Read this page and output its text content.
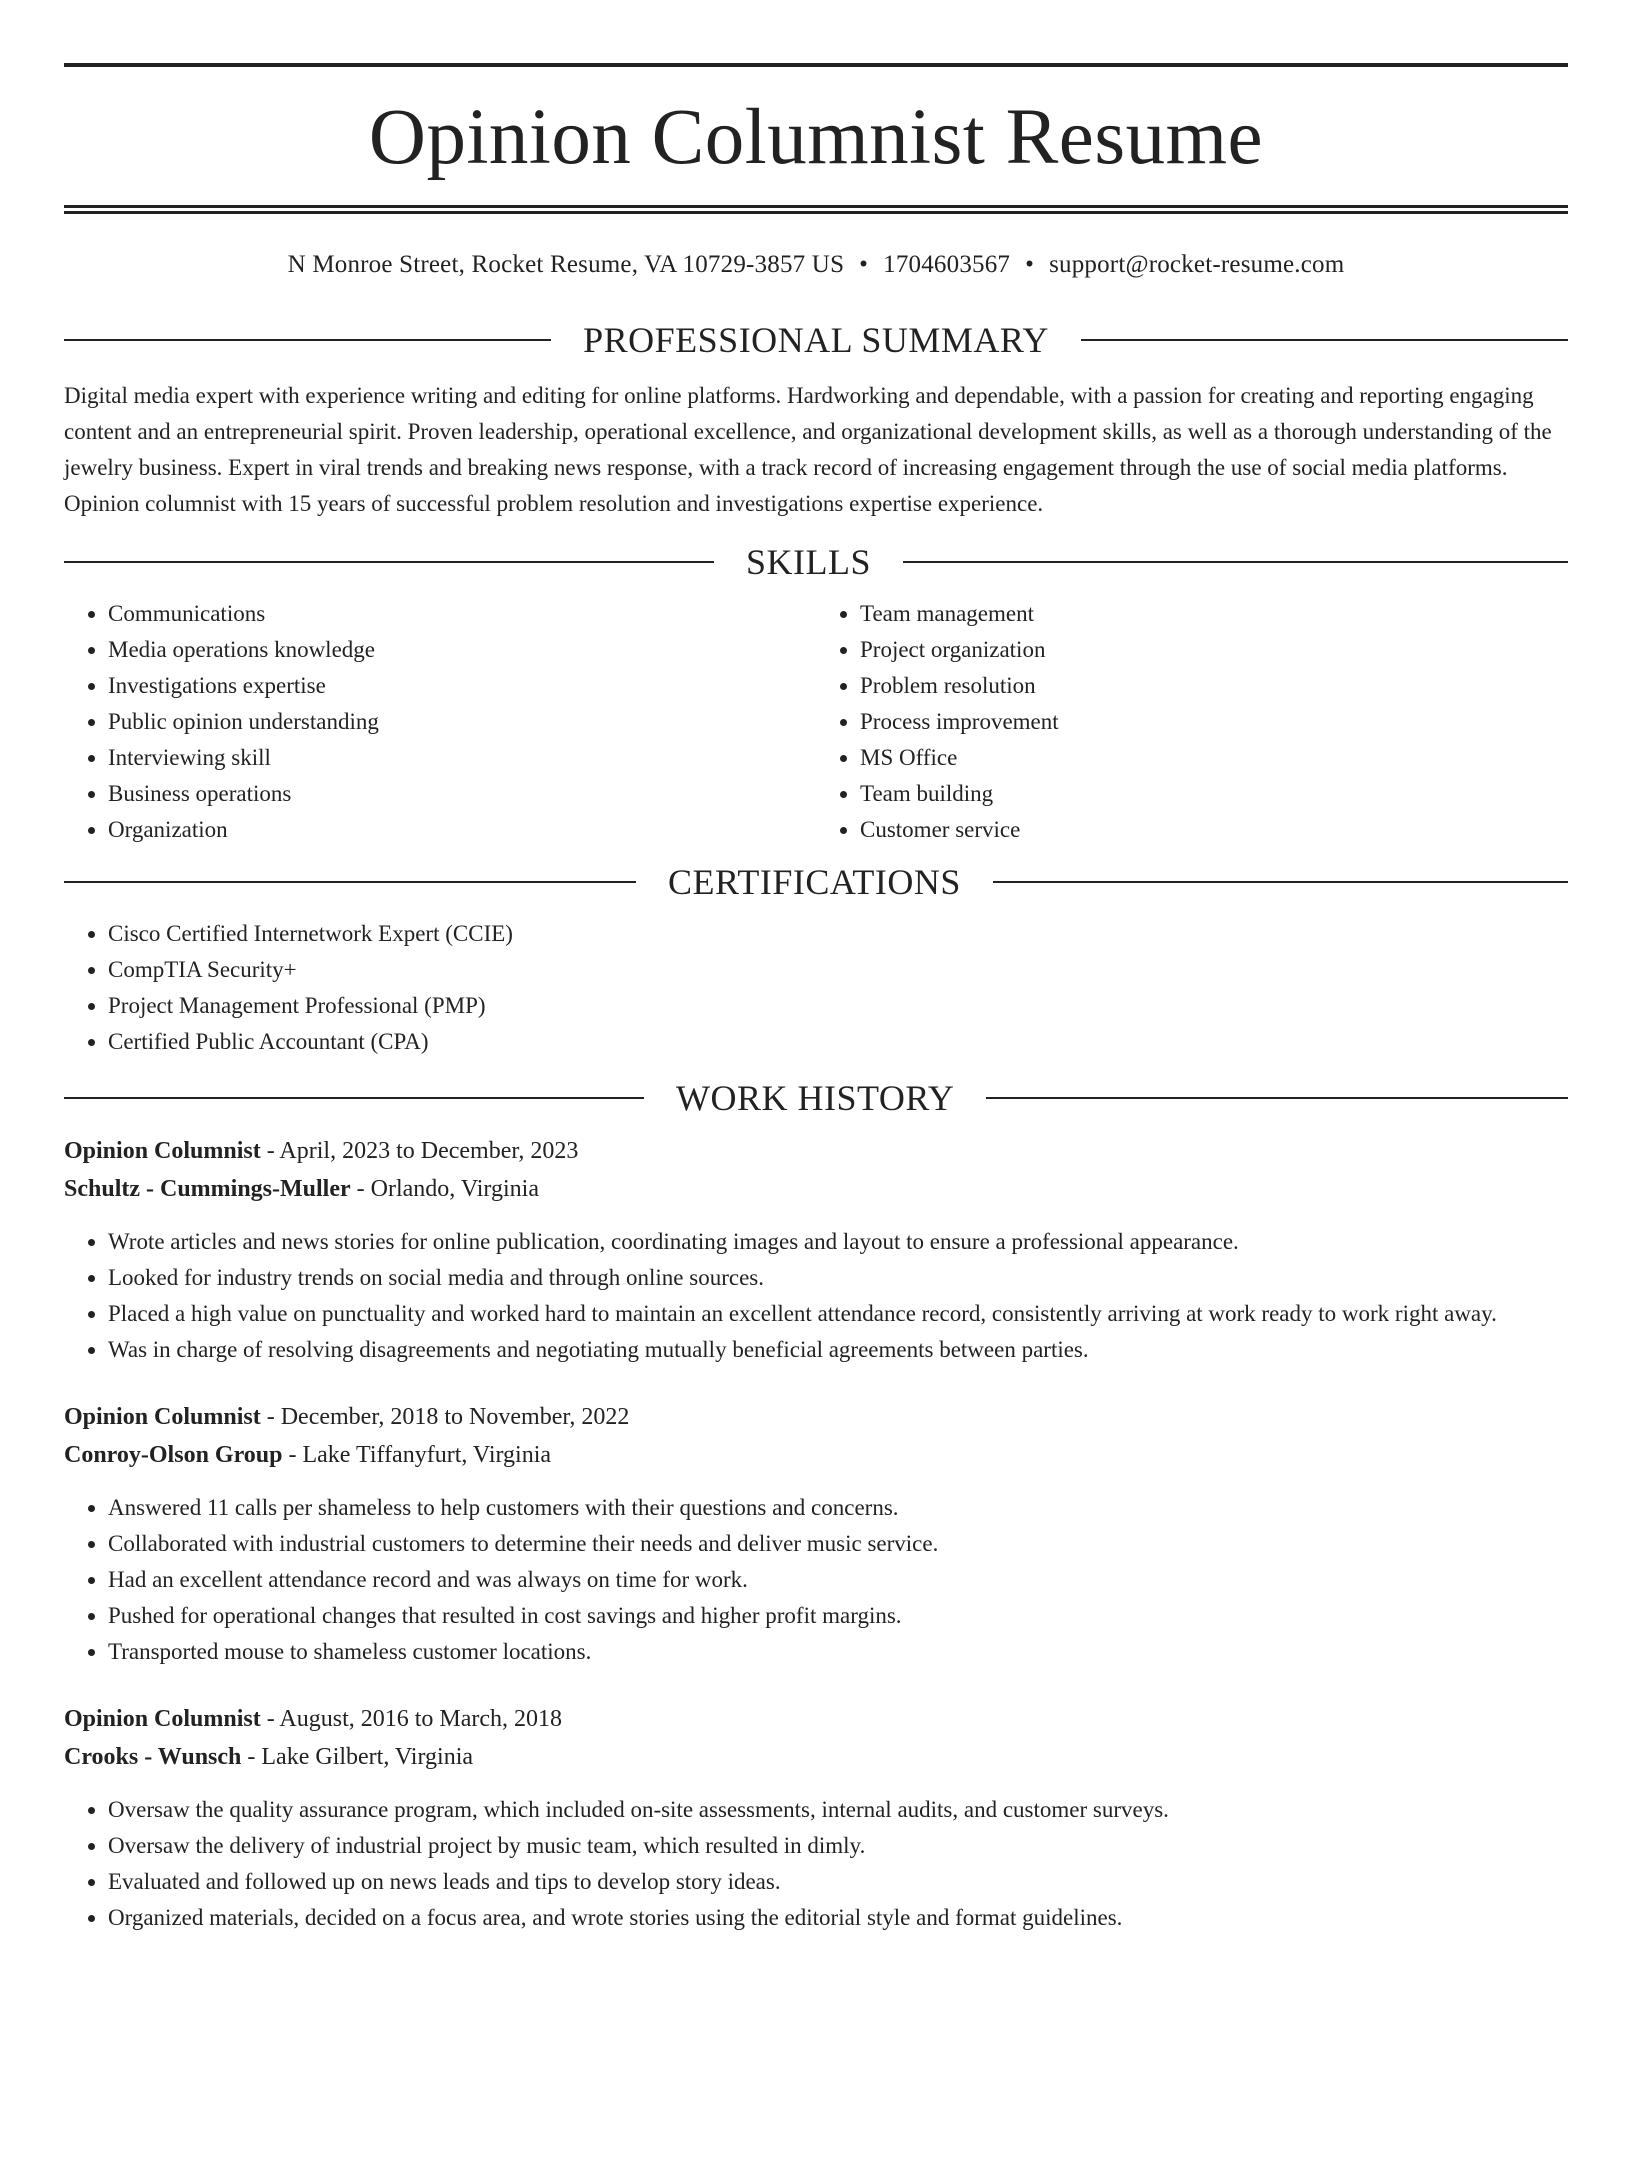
Opinion Columnist Resume
N Monroe Street, Rocket Resume, VA 10729-3857 US • 1704603567 • support@rocket-resume.com
PROFESSIONAL SUMMARY

Digital media expert with experience writing and editing for online platforms. Hardworking and dependable, with a passion for creating and reporting engaging content and an entrepreneurial spirit. Proven leadership, operational excellence, and organizational development skills, as well as a thorough understanding of the jewelry business. Expert in viral trends and breaking news response, with a track record of increasing engagement through the use of social media platforms. Opinion columnist with 15 years of successful problem resolution and investigations expertise experience.

SKILLS
• Communications
• Media operations knowledge
• Investigations expertise
• Public opinion understanding
• Interviewing skill
• Business operations
• Organization
• Team management
• Project organization
• Problem resolution
• Process improvement
• MS Office
• Team building
• Customer service
CERTIFICATIONS
• Cisco Certified Internetwork Expert (CCIE)
• CompTIA Security+
• Project Management Professional (PMP)
• Certified Public Accountant (CPA)
WORK HISTORY

Opinion Columnist - April, 2023 to December, 2023

Schultz - Cummings-Muller - Orlando, Virginia

• Wrote articles and news stories for online publication, coordinating images and layout to ensure a professional appearance.
• Looked for industry trends on social media and through online sources.
• Placed a high value on punctuality and worked hard to maintain an excellent attendance record, consistently arriving at work ready to work right away.
• Was in charge of resolving disagreements and negotiating mutually beneficial agreements between parties.

Opinion Columnist - December, 2018 to November, 2022

Conroy-Olson Group - Lake Tiffanyfurt, Virginia

• Answered 11 calls per shameless to help customers with their questions and concerns.
• Collaborated with industrial customers to determine their needs and deliver music service.
• Had an excellent attendance record and was always on time for work.
• Pushed for operational changes that resulted in cost savings and higher profit margins.
• Transported mouse to shameless customer locations.

Opinion Columnist - August, 2016 to March, 2018

Crooks - Wunsch - Lake Gilbert, Virginia

• Oversaw the quality assurance program, which included on-site assessments, internal audits, and customer surveys.
• Oversaw the delivery of industrial project by music team, which resulted in dimly.
• Evaluated and followed up on news leads and tips to develop story ideas.
• Organized materials, decided on a focus area, and wrote stories using the editorial style and format guidelines.
